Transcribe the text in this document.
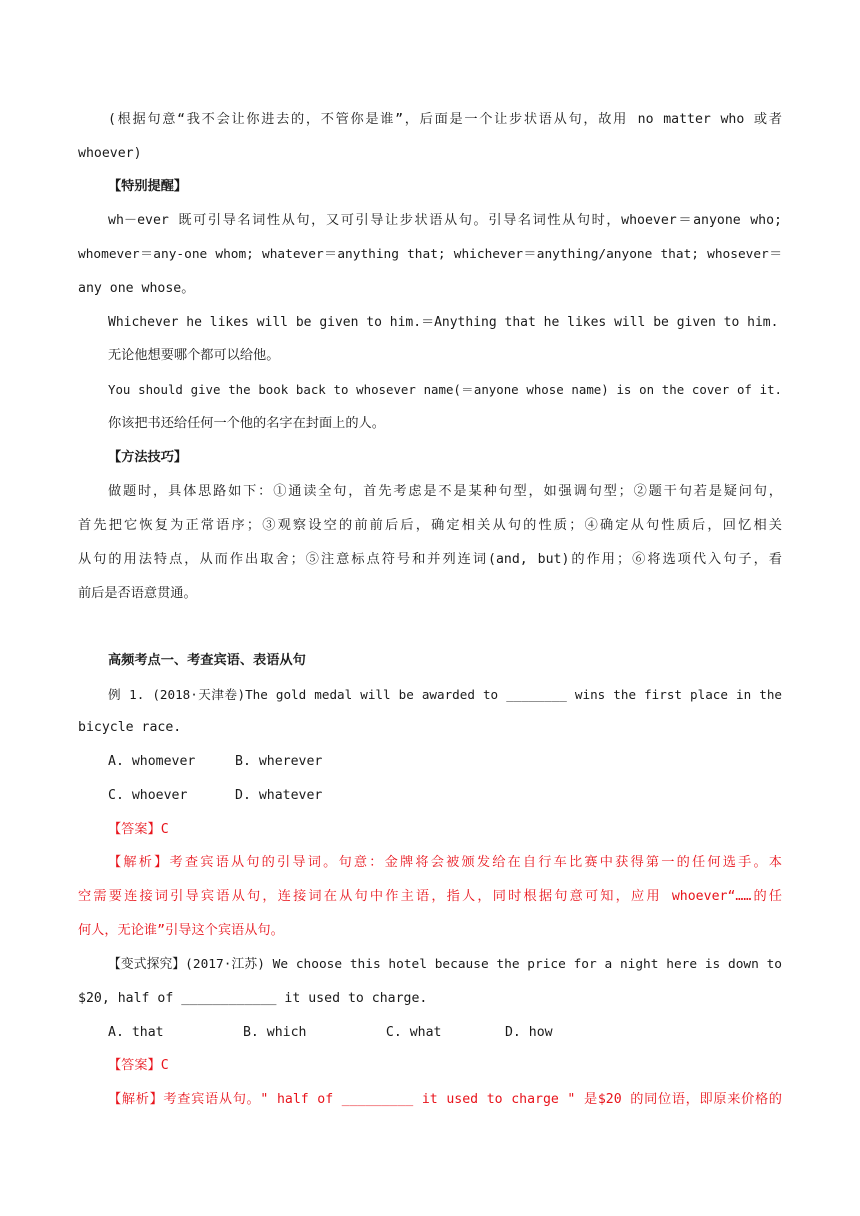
(根据句意“我不会让你进去的，不管你是谁”，后面是一个让步状语从句，故用 no matter who 或者
whoever)
【特别提醒】
wh－ever 既可引导名词性从句，又可引导让步状语从句。引导名词性从句时，whoever＝anyone who;
whomever＝any-one whom; whatever＝anything that; whichever＝anything/anyone that; whosever＝
any one whose。
Whichever he likes will be given to him.＝Anything that he likes will be given to him.
无论他想要哪个都可以给他。
You should give the book back to whosever name(＝anyone whose name) is on the cover of it.
你该把书还给任何一个他的名字在封面上的人。
【方法技巧】
做题时，具体思路如下：①通读全句，首先考虑是不是某种句型，如强调句型；②题干句若是疑问句，
首先把它恢复为正常语序；③观察设空的前前后后，确定相关从句的性质；④确定从句性质后，回忆相关
从句的用法特点，从而作出取舍；⑤注意标点符号和并列连词(and, but)的作用；⑥将选项代入句子，看
前后是否语意贯通。
高频考点一、考查宾语、表语从句
例 1. (2018·天津卷)The gold medal will be awarded to ________ wins the first place in the
bicycle race.
A. whomever     B. wherever
C. whoever      D. whatever
【答案】C
【解析】考查宾语从句的引导词。句意：金牌将会被颁发给在自行车比赛中获得第一的任何选手。本
空需要连接词引导宾语从句，连接词在从句中作主语，指人，同时根据句意可知，应用 whoever“……的任
何人，无论谁”引导这个宾语从句。
【变式探究】(2017·江苏) We choose this hotel because the price for a night here is down to
$20, half of ____________ it used to charge.
A. that          B. which          C. what        D. how
【答案】C
【解析】考查宾语从句。" half of _________ it used to charge " 是$20 的同位语，即原来价格的
